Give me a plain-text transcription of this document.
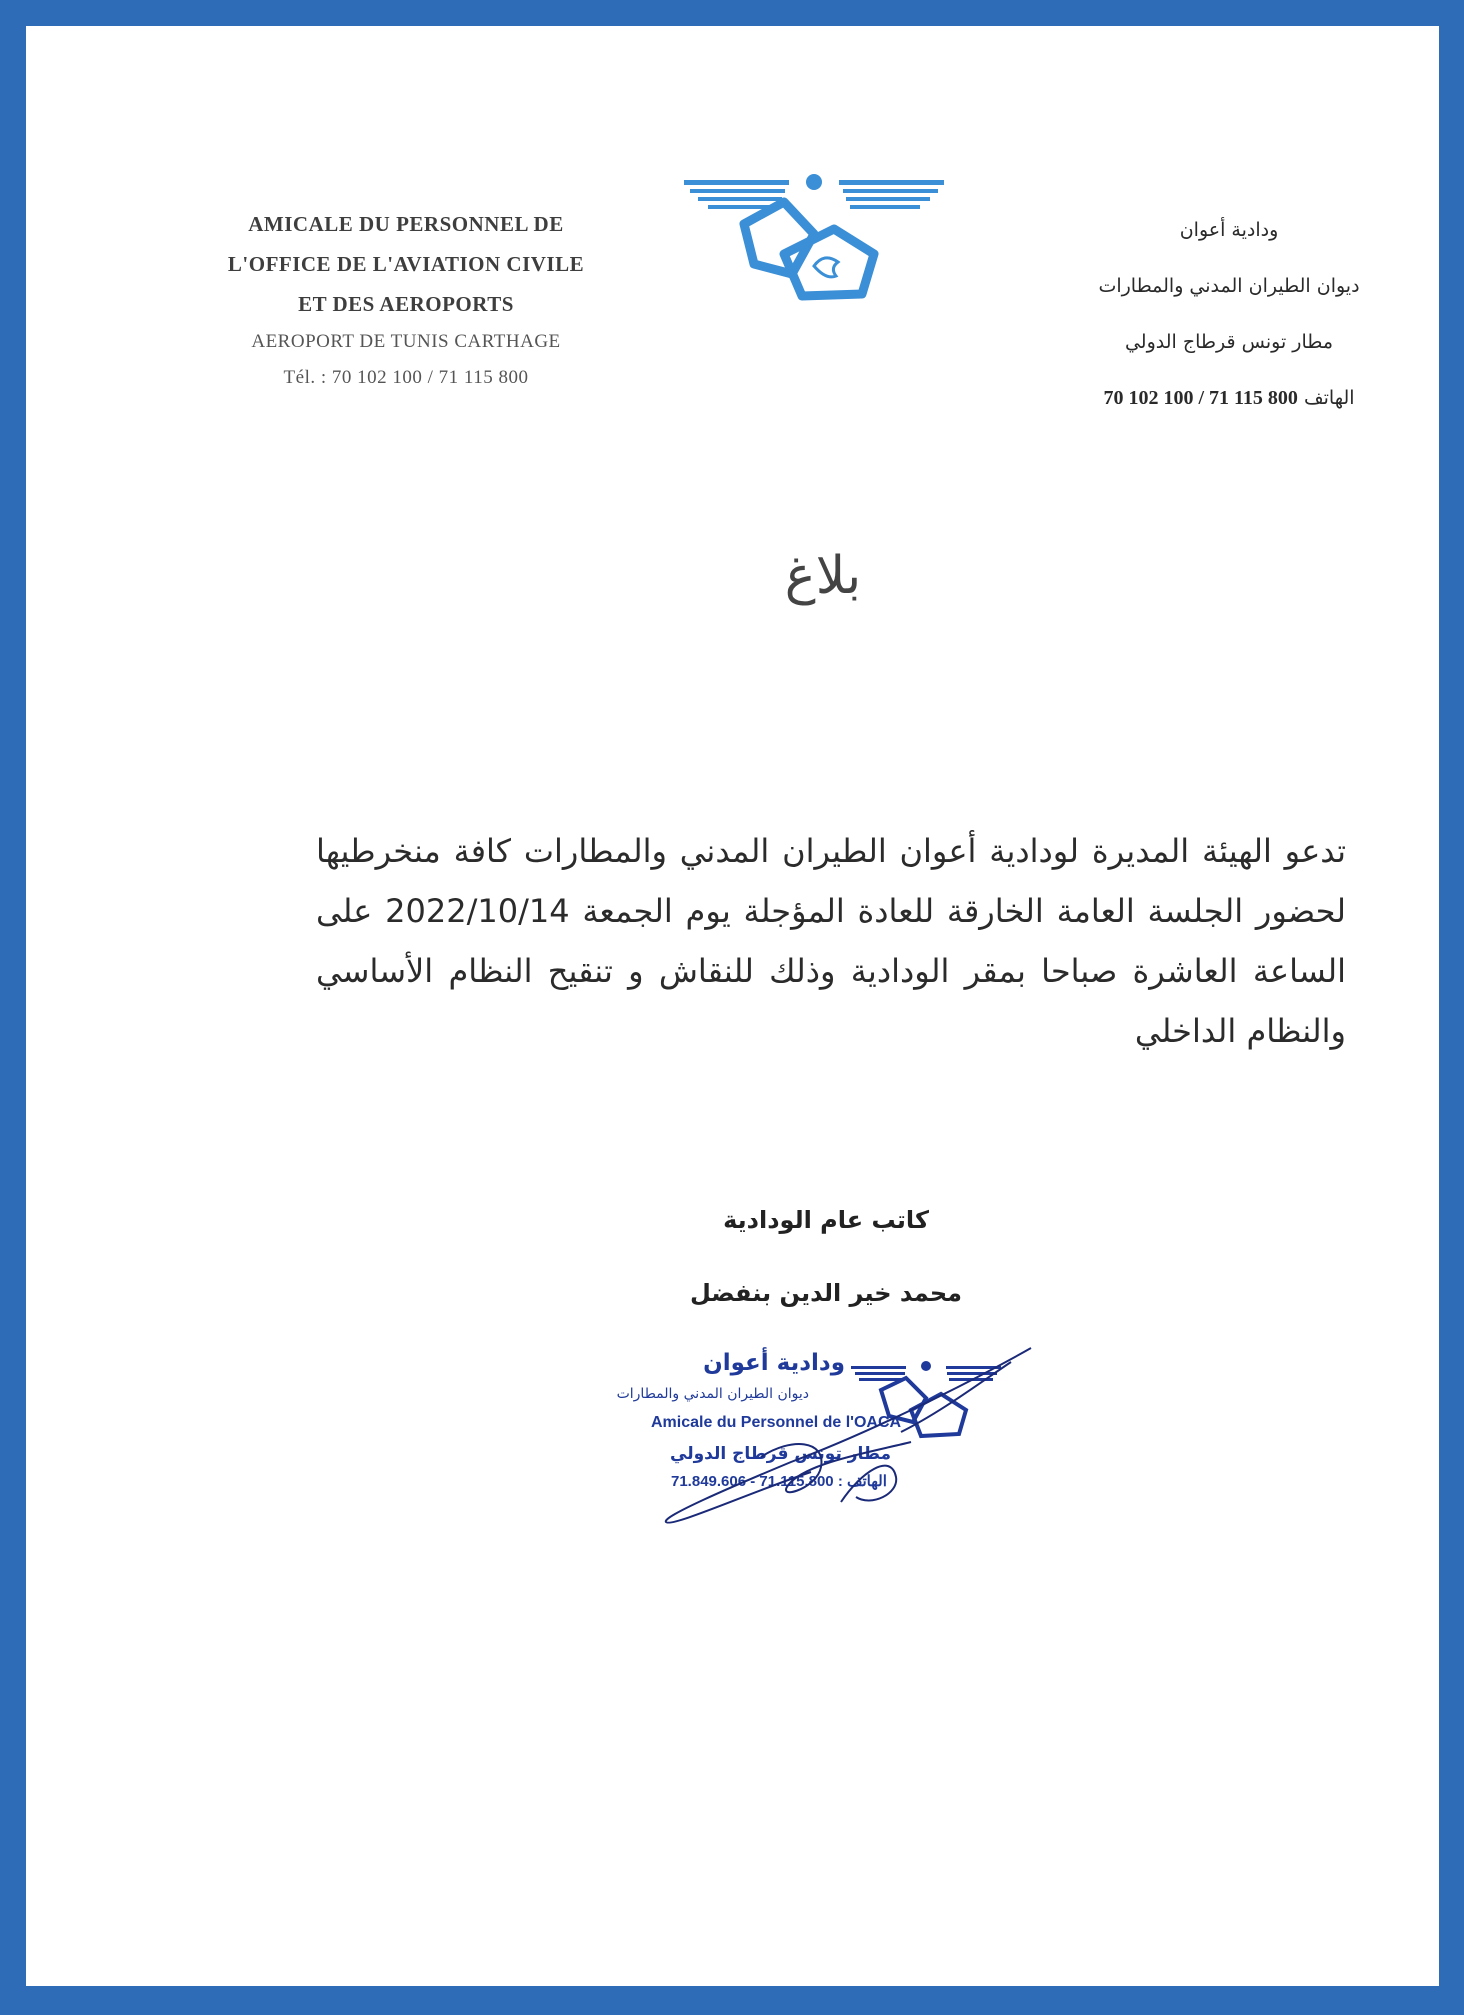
AMICALE DU PERSONNEL DE
L'OFFICE DE L'AVIATION CIVILE
ET DES AEROPORTS
AEROPORT DE TUNIS CARTHAGE
Tél. : 70 102 100 / 71 115 800
ودادية أعوان
ديوان الطيران المدني والمطارات
مطار تونس قرطاج الدولي
الهاتف 70 102 100 / 71 115 800
بلاغ
تدعو الهيئة المديرة لودادية أعوان الطيران المدني والمطارات كافة منخرطيها لحضور الجلسة العامة الخارقة للعادة المؤجلة يوم الجمعة 2022/10/14 على الساعة العاشرة صباحا بمقر الودادية وذلك للنقاش و تنقيح النظام الأساسي والنظام الداخلي
كاتب عام الودادية
محمد خير الدين بنفضل
ودادية أعوان
ديوان الطيران المدني والمطارات
Amicale du Personnel de l'OACA
مطار تونس قرطاج الدولي
71.849.606 - 71.115.800 : الهاتف
